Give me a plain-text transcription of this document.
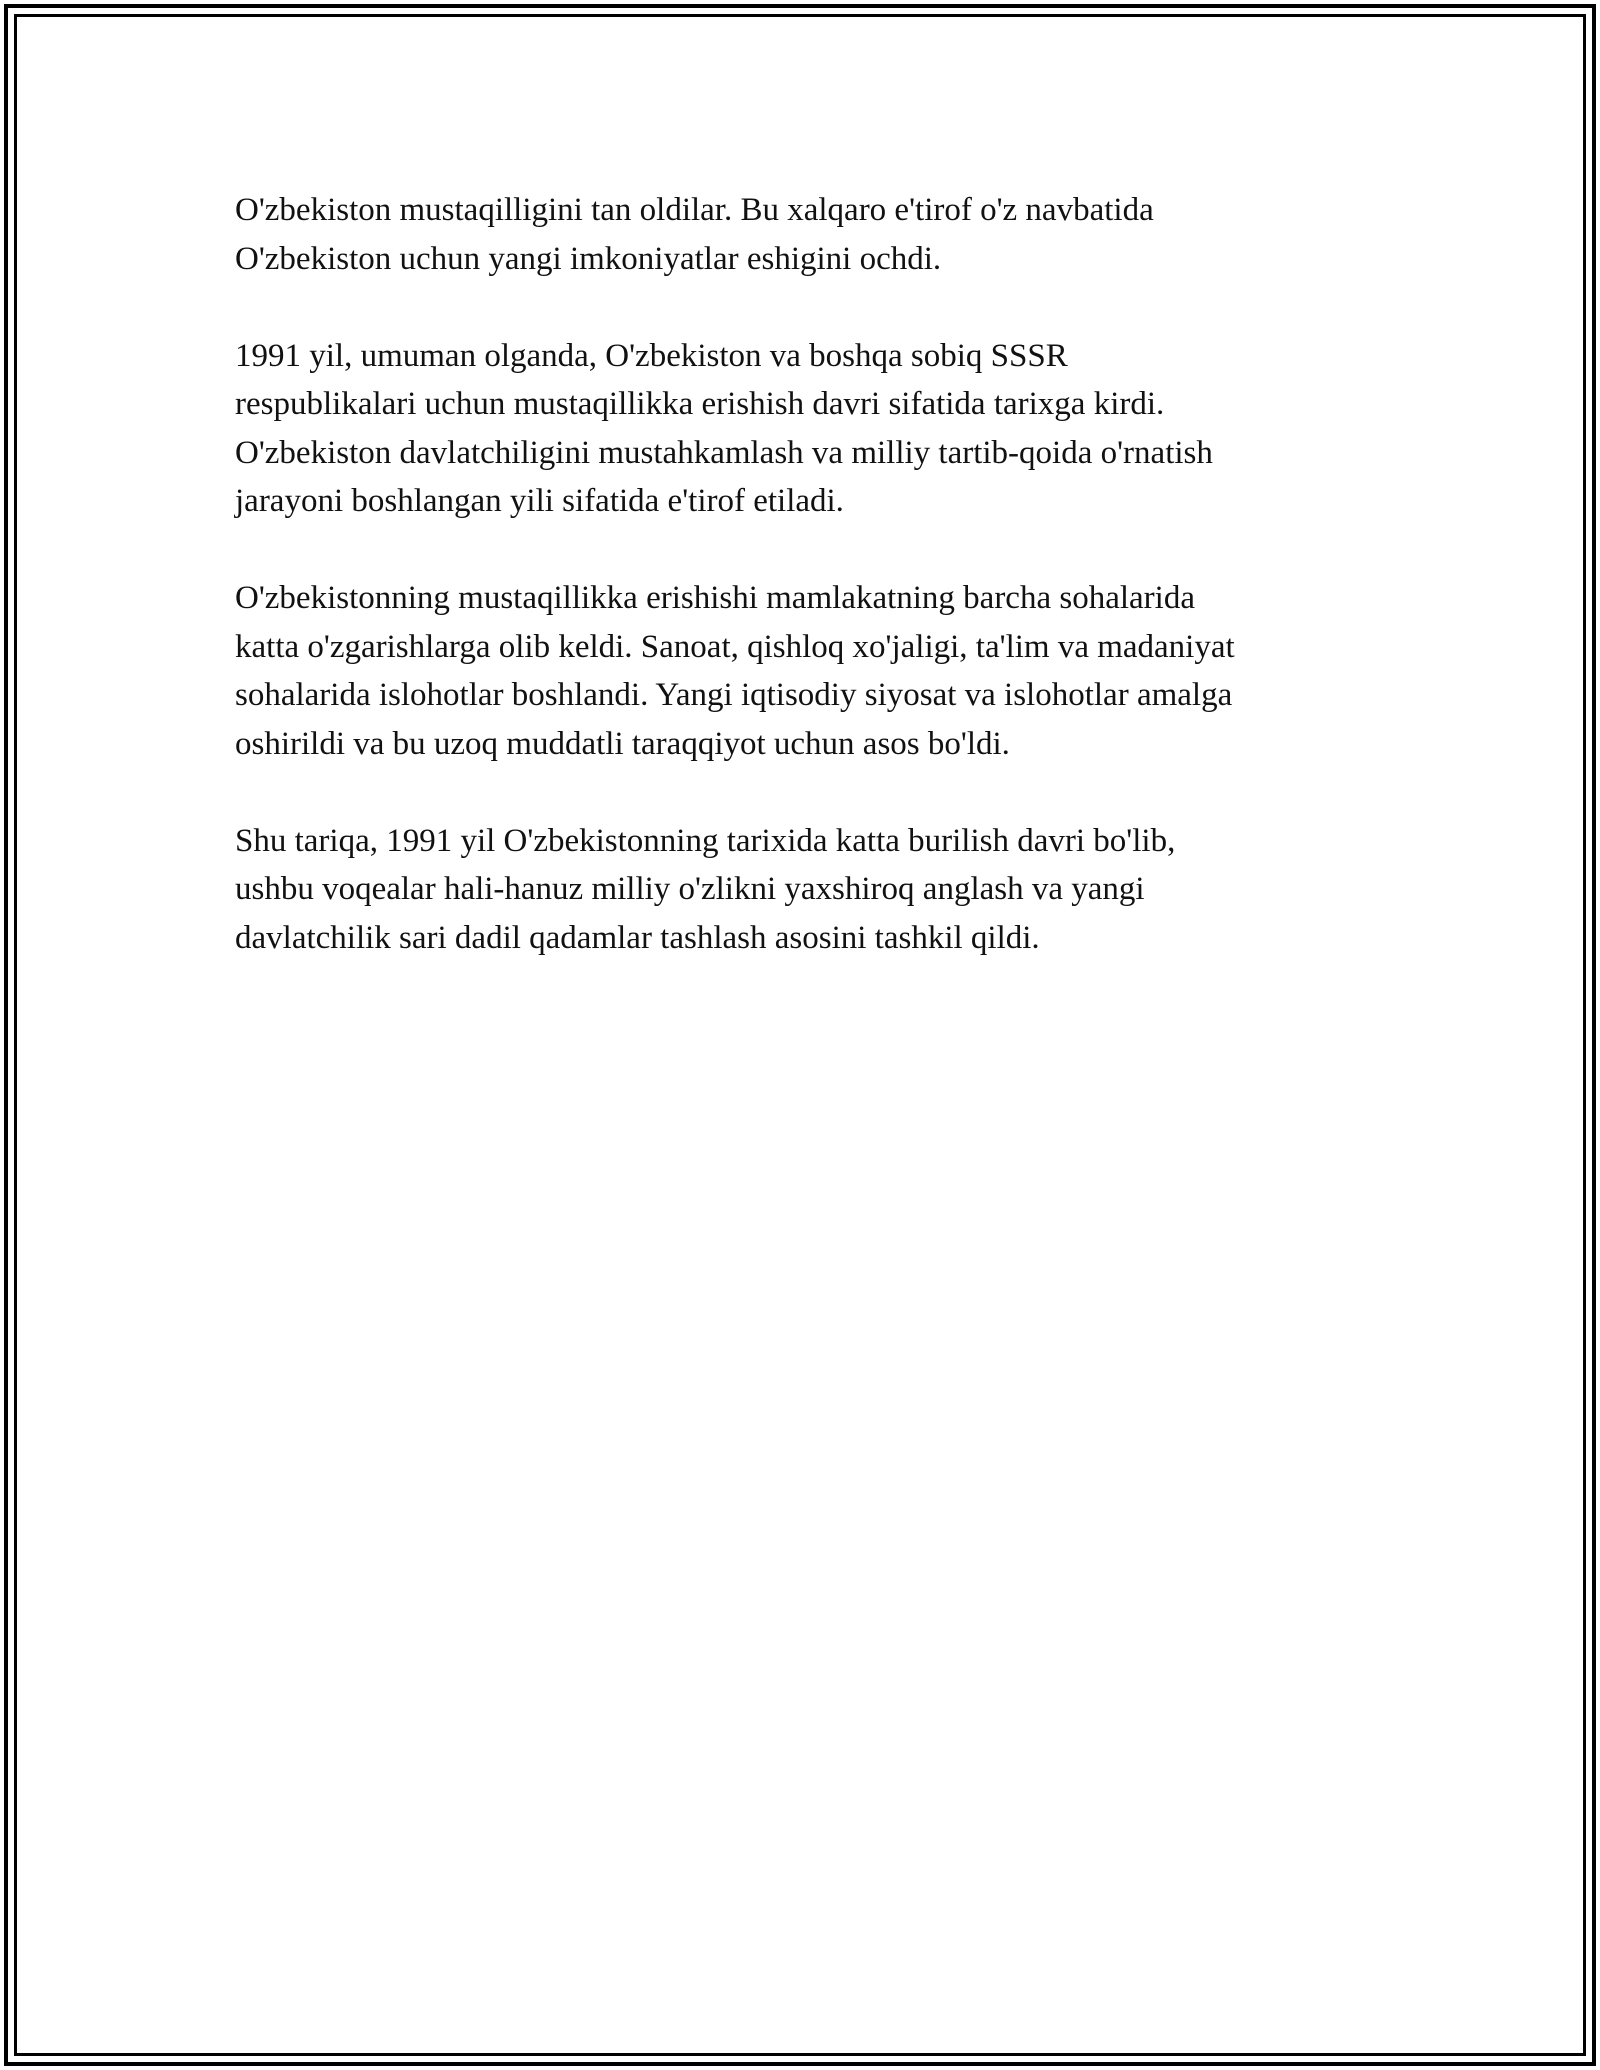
O'zbekiston mustaqilligini tan oldilar. Bu xalqaro e'tirof o'z navbatida
O'zbekiston uchun yangi imkoniyatlar eshigini ochdi.

1991 yil, umuman olganda, O'zbekiston va boshqa sobiq SSSR
respublikalari uchun mustaqillikka erishish davri sifatida tarixga kirdi.
O'zbekiston davlatchiligini mustahkamlash va milliy tartib-qoida o'rnatish
jarayoni boshlangan yili sifatida e'tirof etiladi.

O'zbekistonning mustaqillikka erishishi mamlakatning barcha sohalarida
katta o'zgarishlarga olib keldi. Sanoat, qishloq xo'jaligi, ta'lim va madaniyat
sohalarida islohotlar boshlandi. Yangi iqtisodiy siyosat va islohotlar amalga
oshirildi va bu uzoq muddatli taraqqiyot uchun asos bo'ldi.

Shu tariqa, 1991 yil O'zbekistonning tarixida katta burilish davri bo'lib,
ushbu voqealar hali-hanuz milliy o'zlikni yaxshiroq anglash va yangi
davlatchilik sari dadil qadamlar tashlash asosini tashkil qildi.
